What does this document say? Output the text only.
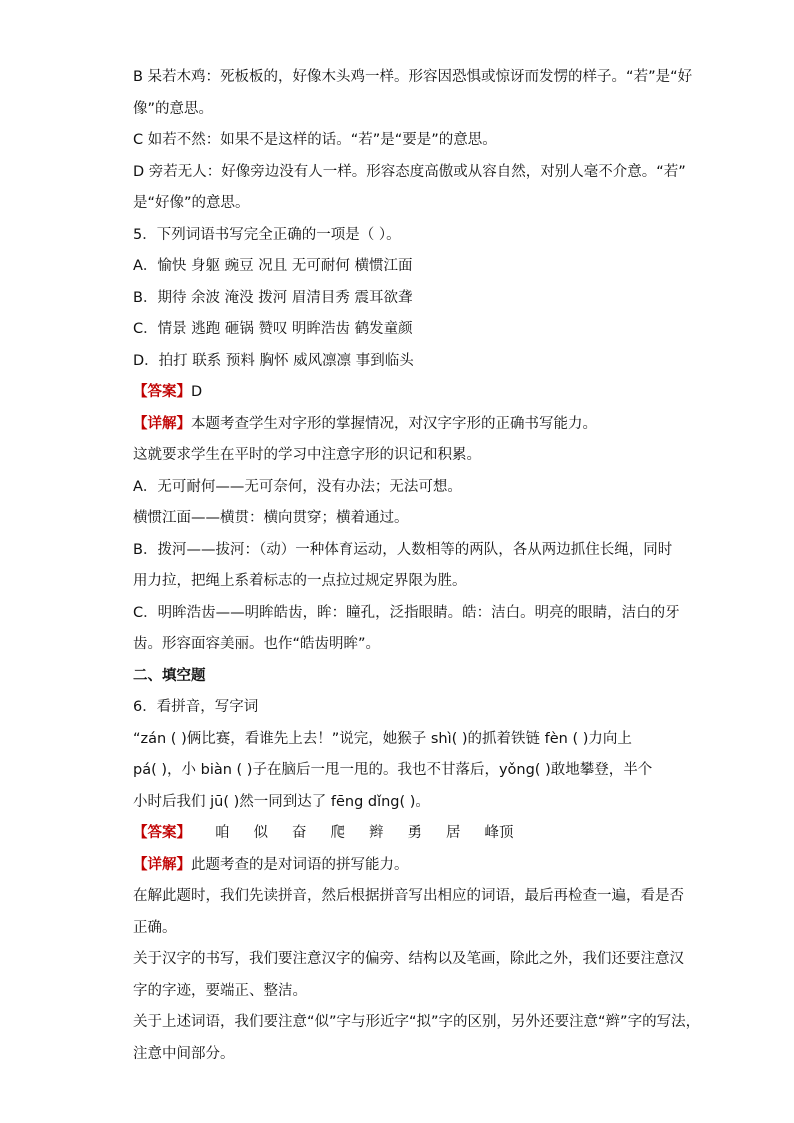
B 呆若木鸡：死板板的，好像木头鸡一样。形容因恐惧或惊讶而发愣的样子。“若”是“好
像”的意思。
C 如若不然：如果不是这样的话。“若”是“要是”的意思。
D 旁若无人：好像旁边没有人一样。形容态度高傲或从容自然，对别人毫不介意。“若”
是“好像”的意思。
5．下列词语书写完全正确的一项是（ ）。
A．愉快 身躯 豌豆 况且 无可耐何 横惯江面
B．期待 余波 淹没 拨河 眉清目秀 震耳欲聋
C．情景 逃跑 砸锅 赞叹 明眸浩齿 鹤发童颜
D．拍打 联系 预料 胸怀 威风凛凛 事到临头
【答案】D
【详解】本题考查学生对字形的掌握情况，对汉字字形的正确书写能力。
这就要求学生在平时的学习中注意字形的识记和积累。
A．无可耐何——无可奈何，没有办法；无法可想。
横惯江面——横贯：横向贯穿；横着通过。
B．拨河——拔河：（动）一种体育运动，人数相等的两队，各从两边抓住长绳，同时
用力拉，把绳上系着标志的一点拉过规定界限为胜。
C．明眸浩齿——明眸皓齿，眸：瞳孔，泛指眼睛。皓：洁白。明亮的眼睛，洁白的牙
齿。形容面容美丽。也作“皓齿明眸”。
二、填空题
6．看拼音，写字词
“zán ( )俩比赛，看谁先上去！”说完，她猴子 shì( )的抓着铁链 fèn ( )力向上
pá( )，小 biàn ( )子在脑后一甩一甩的。我也不甘落后，yǒng( )敢地攀登，半个
小时后我们 jū( )然一同到达了 fēng dǐng( )。
【答案】 咱 似 奋 爬 辫 勇 居 峰顶
【详解】此题考查的是对词语的拼写能力。
在解此题时，我们先读拼音，然后根据拼音写出相应的词语，最后再检查一遍，看是否
正确。
关于汉字的书写，我们要注意汉字的偏旁、结构以及笔画，除此之外，我们还要注意汉
字的字迹，要端正、整洁。
关于上述词语，我们要注意“似”字与形近字“拟”字的区别，另外还要注意“辫”字的写法，
注意中间部分。
